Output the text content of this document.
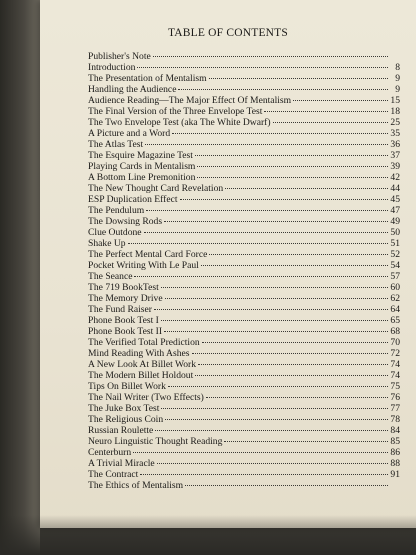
TABLE OF CONTENTS
Publisher's Note
Introduction	8
The Presentation of Mentalism	9
Handling the Audience	9
Audience Reading—The Major Effect Of Mentalism	15
The Final Version of the Three Envelope Test	18
The Two Envelope Test (aka The White Dwarf)	25
A Picture and a Word	35
The Atlas Test	36
The Esquire Magazine Test	37
Playing Cards in Mentalism	39
A Bottom Line Premonition	42
The New Thought Card Revelation	44
ESP Duplication Effect	45
The Pendulum	47
The Dowsing Rods	49
Clue Outdone	50
Shake Up	51
The Perfect Mental Card Force	52
Pocket Writing With Le Paul	54
The Seance	57
The 719 BookTest	60
The Memory Drive	62
The Fund Raiser	64
Phone Book Test I	65
Phone Book Test II	68
The Verified Total Prediction	70
Mind Reading With Ashes	72
A New Look At Billet Work	74
The Modern Billet Holdout	74
Tips On Billet Work	75
The Nail Writer (Two Effects)	76
The Juke Box Test	77
The Religious Coin	78
Russian Roulette	84
Neuro Linguistic Thought Reading	85
Centerburn	86
A Trivial Miracle	88
The Contract	91
The Ethics of Mentalism
